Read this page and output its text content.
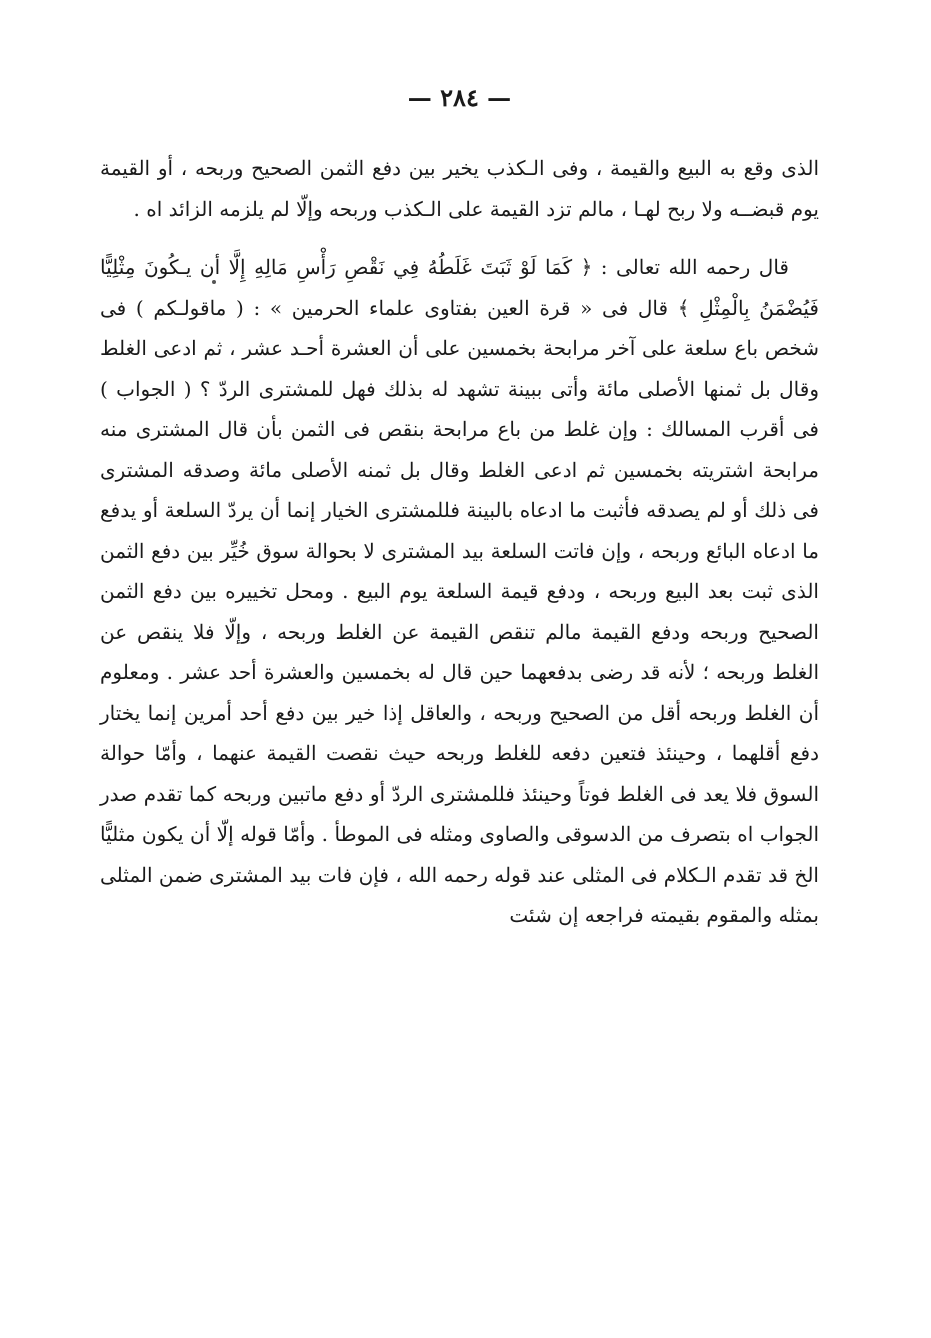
— ٢٨٤ —

الذى وقع به البيع والقيمة ، وفى الـكذب يخير بين دفع الثمن الصحيح وربحه ، أو القيمة يوم قبضــه ولا ربح لهـا ، مالم تزد القيمة على الـكذب وربحه وإلّا لم يلزمه الزائد اه .

قال رحمه الله تعالى : ﴿ كَمَا لَوْ ثَبَتَ غَلَطُهُ فِي نَقْصِ رَأْسِ مَالِهِ إِلَّا أن يـكُونَ مِثْلِيًّا فَيُضْمَنُ بِالْمِثْلِ ﴾ قال فى « قرة العين بفتاوى علماء الحرمين » : ( ماقولـكم ) فى شخص باع سلعة على آخر مرابحة بخمسين على أن العشرة أحـد عشر ، ثم ادعى الغلط وقال بل ثمنها الأصلى مائة وأتى ببينة تشهد له بذلك فهل للمشترى الردّ ؟ ( الجواب ) فى أقرب المسالك : وإن غلط من باع مرابحة بنقص فى الثمن بأن قال المشترى منه مرابحة اشتريته بخمسين ثم ادعى الغلط وقال بل ثمنه الأصلى مائة وصدقه المشترى فى ذلك أو لم يصدقه فأثبت ما ادعاه بالبينة فللمشترى الخيار إنما أن يردّ السلعة أو يدفع ما ادعاه البائع وربحه ، وإن فاتت السلعة بيد المشترى لا بحوالة سوق خُيِّر بين دفع الثمن الذى ثبت بعد البيع وربحه ، ودفع قيمة السلعة يوم البيع . ومحل تخييره بين دفع الثمن الصحيح وربحه ودفع القيمة مالم تنقص القيمة عن الغلط وربحه ، وإلّا فلا ينقص عن الغلط وربحه ؛ لأنه قد رضى بدفعهما حين قال له بخمسين والعشرة أحد عشر . ومعلوم أن الغلط وربحه أقل من الصحيح وربحه ، والعاقل إذا خير بين دفع أحد أمرين إنما يختار دفع أقلهما ، وحينئذ فتعين دفعه للغلط وربحه حيث نقصت القيمة عنهما ، وأمّا حوالة السوق فلا يعد فى الغلط فوتاً وحينئذ فللمشترى الردّ أو دفع ماتبين وربحه كما تقدم صدر الجواب اه بتصرف من الدسوقى والصاوى ومثله فى الموطأ . وأمّا قوله إلّا أن يكون مثليًّا الخ قد تقدم الـكلام فى المثلى عند قوله رحمه الله ، فإن فات بيد المشترى ضمن المثلى بمثله والمقوم بقيمته فراجعه إن شئت
